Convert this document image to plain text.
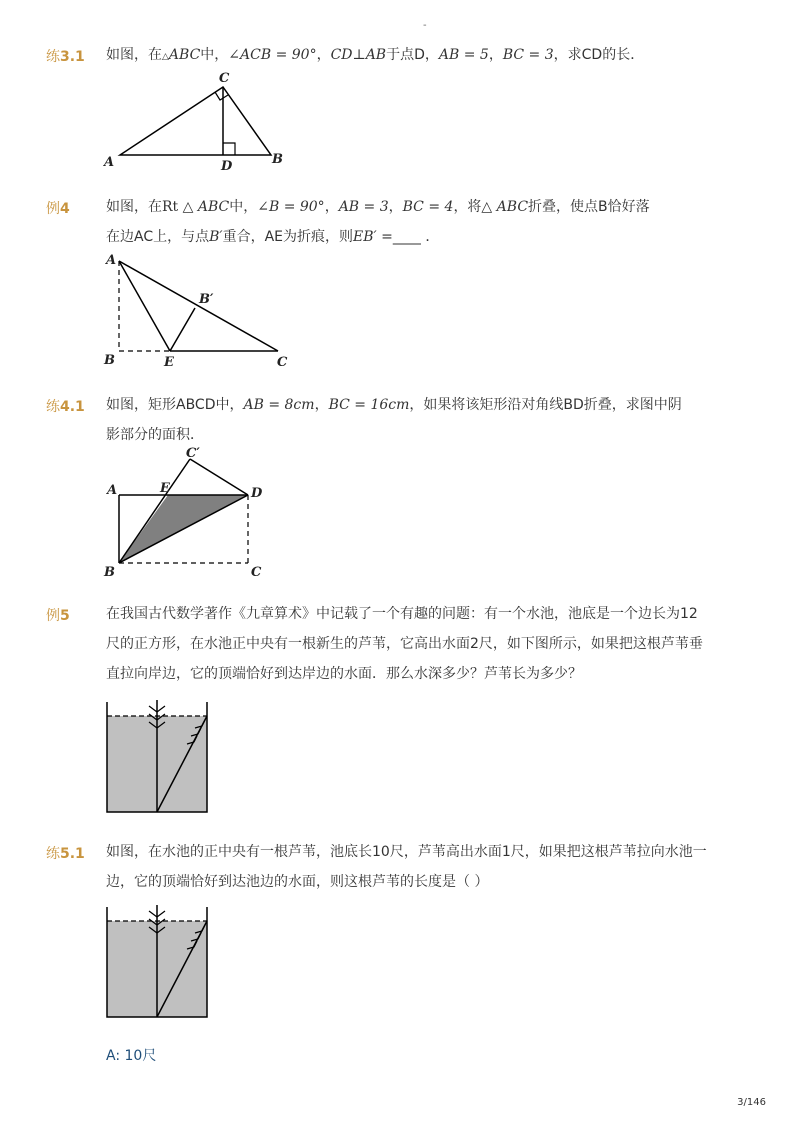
-
练3.1 如图，在△ABC中，∠ACB = 90°，CD⊥AB于点D，AB = 5，BC = 3，求CD的长．
C
A	D	B
例4	如图，在Rt △ ABC中，∠B = 90°，AB = 3，BC = 4，将△ ABC折叠，使点B恰好落
在边AC上，与点B′重合，AE为折痕，则EB′ =____ ．
A
B′
B	E	C
练4.1 如图，矩形ABCD中，AB = 8cm，BC = 16cm，如果将该矩形沿对角线BD折叠，求图中阴
影部分的面积．
C′
A	E	D
B	C
例5	在我国古代数学著作《九章算术》中记载了一个有趣的问题：有一个水池，池底是一个边长为12
尺的正方形，在水池正中央有一根新生的芦苇，它高出水面2尺，如下图所示，如果把这根芦苇垂
直拉向岸边，它的顶端恰好到达岸边的水面．那么水深多少？芦苇长为多少？
练5.1 如图，在水池的正中央有一根芦苇，池底长10尺，芦苇高出水面1尺，如果把这根芦苇拉向水池一
边，它的顶端恰好到达池边的水面，则这根芦苇的长度是（ ）
A: 10尺
3/146
